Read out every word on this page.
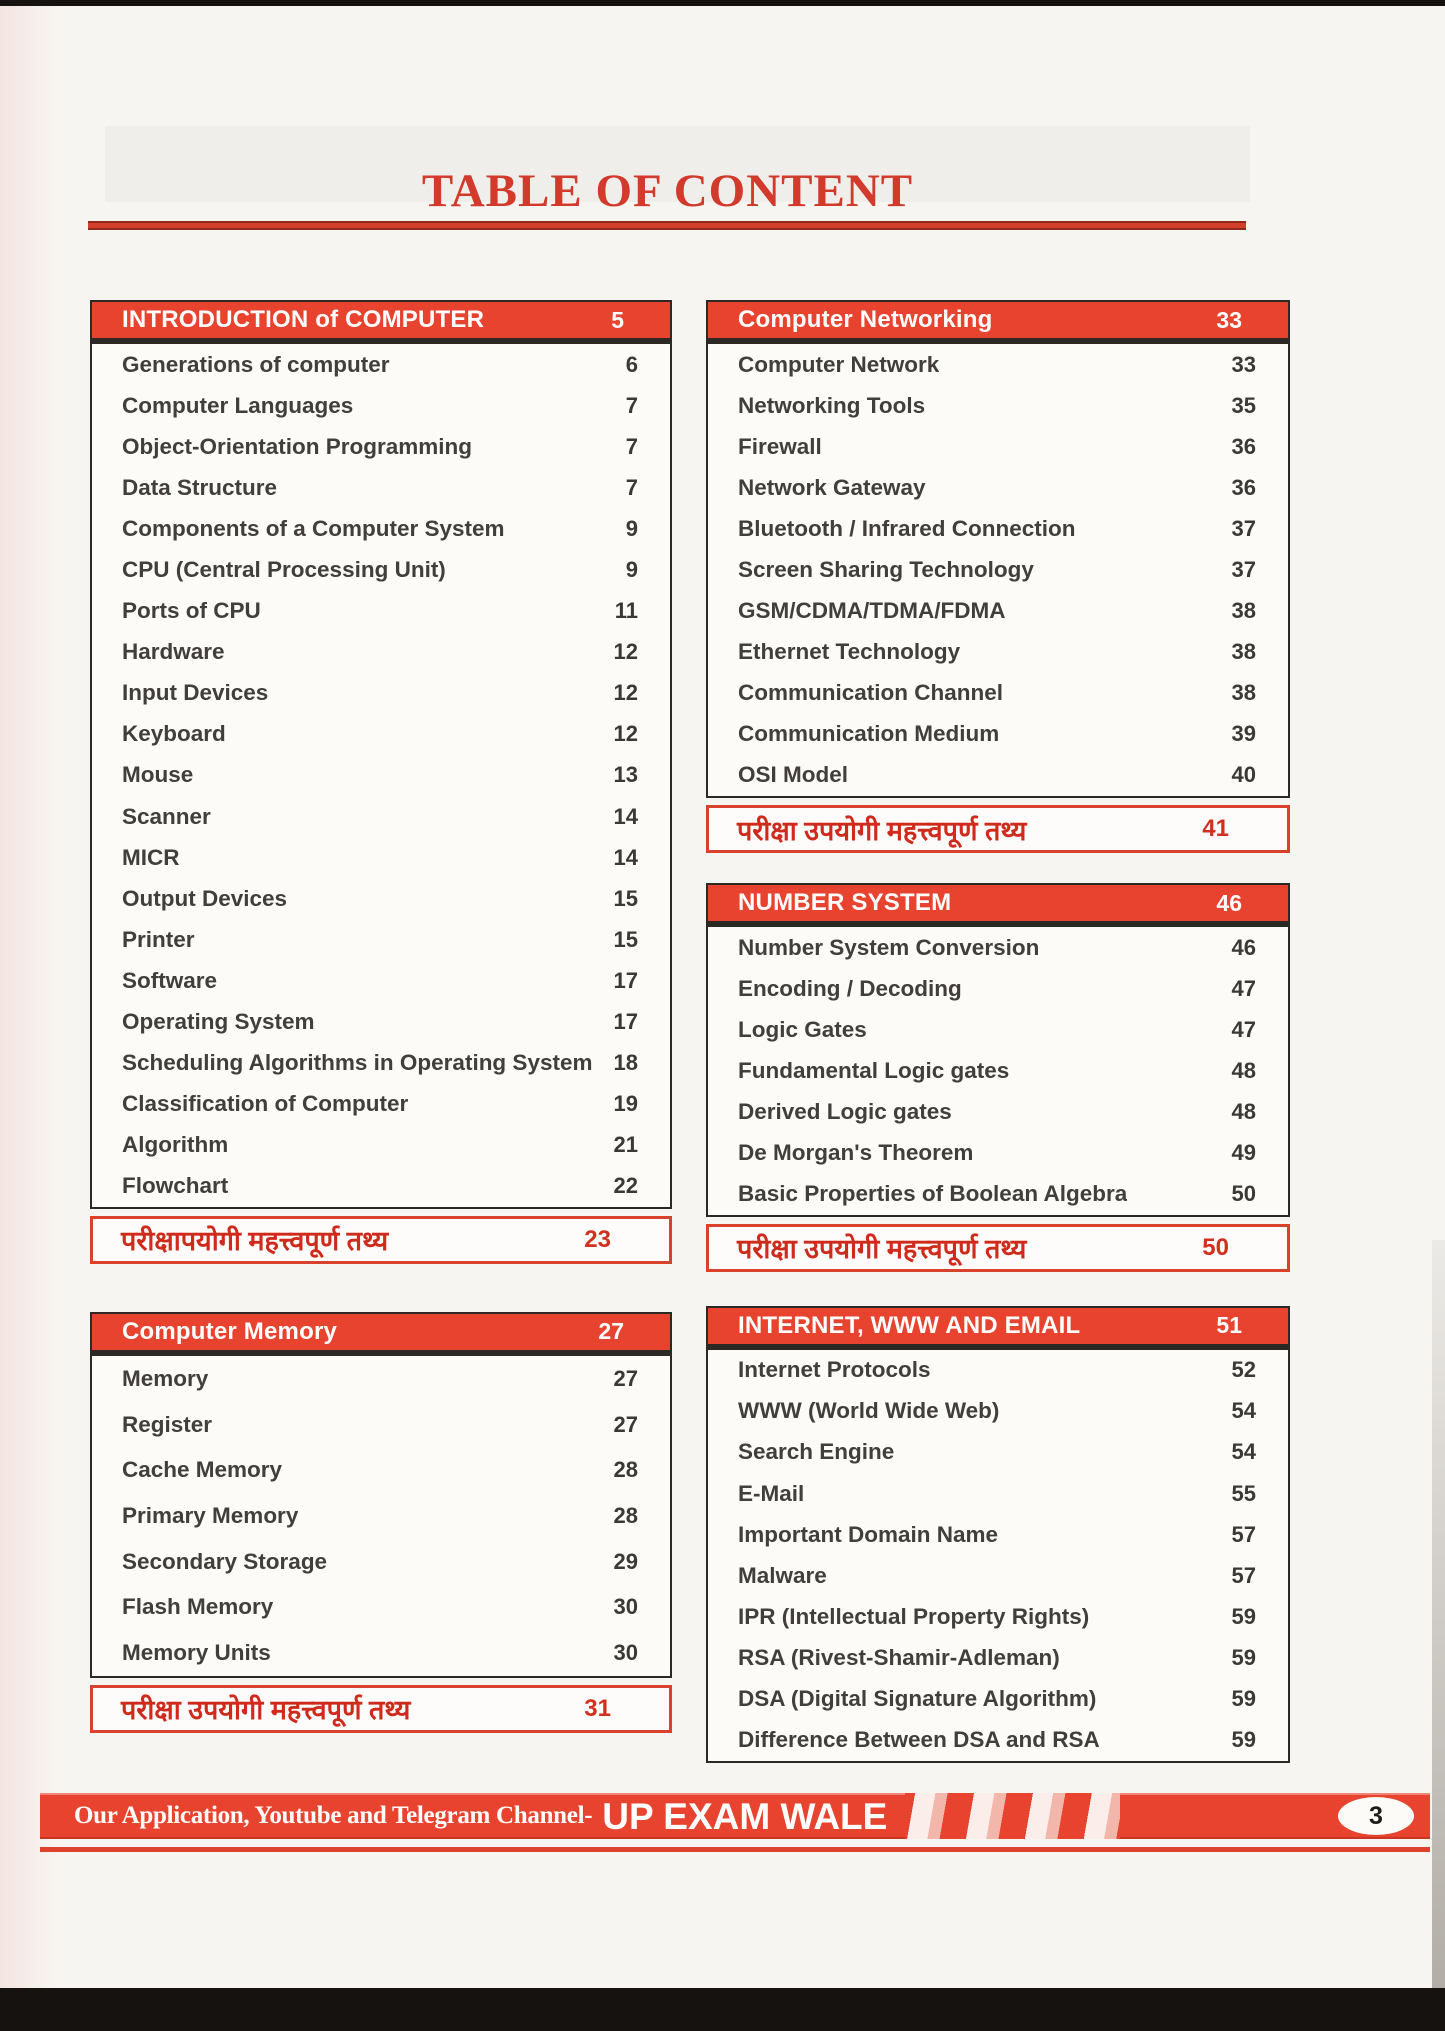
TABLE OF CONTENT
INTRODUCTION of COMPUTER	5
Generations of computer	6
Computer Languages	7
Object-Orientation Programming	7
Data Structure	7
Components of a Computer System	9
CPU (Central Processing Unit)	9
Ports of CPU	11
Hardware	12
Input Devices	12
Keyboard	12
Mouse	13
Scanner	14
MICR	14
Output Devices	15
Printer	15
Software	17
Operating System	17
Scheduling Algorithms in Operating System 18
Classification of Computer	19
Algorithm	21
Flowchart	22
परीक्षापयोगी महत्त्वपूर्ण तथ्य	23
Computer Memory	27
Memory	27
Register	27
Cache Memory	28
Primary Memory	28
Secondary Storage	29
Flash Memory	30
Memory Units	30
परीक्षा उपयोगी महत्त्वपूर्ण तथ्य	31
Computer Networking	33
Computer Network	33
Networking Tools	35
Firewall	36
Network Gateway	36
Bluetooth / Infrared Connection	37
Screen Sharing Technology	37
GSM/CDMA/TDMA/FDMA	38
Ethernet Technology	38
Communication Channel	38
Communication Medium	39
OSI Model	40
परीक्षा उपयोगी महत्त्वपूर्ण तथ्य	41
NUMBER SYSTEM	46
Number System Conversion	46
Encoding / Decoding	47
Logic Gates	47
Fundamental Logic gates	48
Derived Logic gates	48
De Morgan's Theorem	49
Basic Properties of Boolean Algebra	50
परीक्षा उपयोगी महत्त्वपूर्ण तथ्य	50
INTERNET, WWW AND EMAIL	51
Internet Protocols	52
WWW (World Wide Web)	54
Search Engine	54
E-Mail	55
Important Domain Name	57
Malware	57
IPR (Intellectual Property Rights)	59
RSA (Rivest-Shamir-Adleman)	59
DSA (Digital Signature Algorithm)	59
Difference Between DSA and RSA	59
Our Application, Youtube and Telegram Channel- UP EXAM WALE	3
